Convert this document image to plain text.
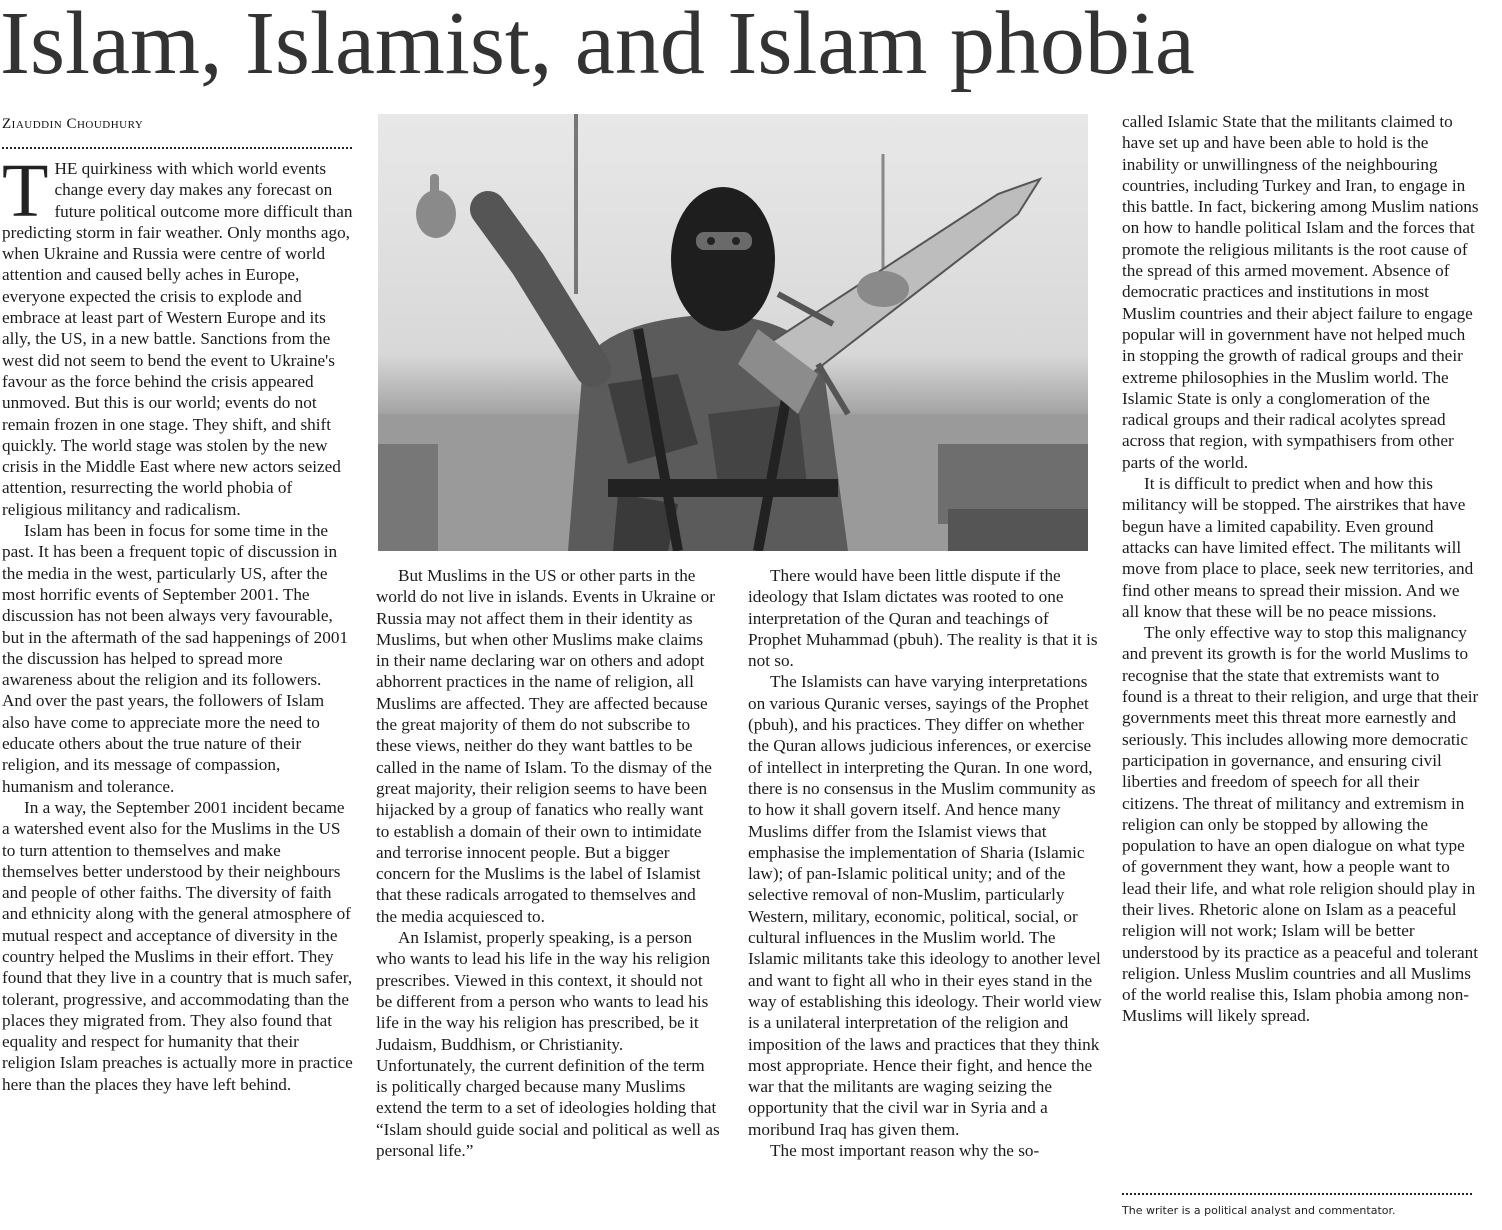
Islam, Islamist, and Islam phobia
Ziauddin Choudhury

THE quirkiness with which world events change every day makes any forecast on future political outcome more difficult than predicting storm in fair weather. Only months ago, when Ukraine and Russia were centre of world attention and caused belly aches in Europe, everyone expected the crisis to explode and embrace at least part of Western Europe and its ally, the US, in a new battle. Sanctions from the west did not seem to bend the event to Ukraine's favour as the force behind the crisis appeared unmoved. But this is our world; events do not remain frozen in one stage. They shift, and shift quickly. The world stage was stolen by the new crisis in the Middle East where new actors seized attention, resurrecting the world phobia of religious militancy and radicalism.

Islam has been in focus for some time in the past. It has been a frequent topic of discussion in the media in the west, particularly US, after the most horrific events of September 2001. The discussion has not been always very favourable, but in the aftermath of the sad happenings of 2001 the discussion has helped to spread more awareness about the religion and its followers. And over the past years, the followers of Islam also have come to appreciate more the need to educate others about the true nature of their religion, and its message of compassion, humanism and tolerance.

In a way, the September 2001 incident became a watershed event also for the Muslims in the US to turn attention to themselves and make themselves better understood by their neighbours and people of other faiths. The diversity of faith and ethnicity along with the general atmosphere of mutual respect and acceptance of diversity in the country helped the Muslims in their effort. They found that they live in a country that is much safer, tolerant, progressive, and accommodating than the places they migrated from. They also found that equality and respect for humanity that their religion Islam preaches is actually more in practice here than the places they have left behind.

But Muslims in the US or other parts in the world do not live in islands. Events in Ukraine or Russia may not affect them in their identity as Muslims, but when other Muslims make claims in their name declaring war on others and adopt abhorrent practices in the name of religion, all Muslims are affected. They are affected because the great majority of them do not subscribe to these views, neither do they want battles to be called in the name of Islam. To the dismay of the great majority, their religion seems to have been hijacked by a group of fanatics who really want to establish a domain of their own to intimidate and terrorise innocent people. But a bigger concern for the Muslims is the label of Islamist that these radicals arrogated to themselves and the media acquiesced to.

An Islamist, properly speaking, is a person who wants to lead his life in the way his religion prescribes. Viewed in this context, it should not be different from a person who wants to lead his life in the way his religion has prescribed, be it Judaism, Buddhism, or Christianity. Unfortunately, the current definition of the term is politically charged because many Muslims extend the term to a set of ideologies holding that “Islam should guide social and political as well as personal life.”

There would have been little dispute if the ideology that Islam dictates was rooted to one interpretation of the Quran and teachings of Prophet Muhammad (pbuh). The reality is that it is not so.

The Islamists can have varying interpretations on various Quranic verses, sayings of the Prophet (pbuh), and his practices. They differ on whether the Quran allows judicious inferences, or exercise of intellect in interpreting the Quran. In one word, there is no consensus in the Muslim community as to how it shall govern itself. And hence many Muslims differ from the Islamist views that emphasise the implementation of Sharia (Islamic law); of pan-Islamic political unity; and of the selective removal of non-Muslim, particularly Western, military, economic, political, social, or cultural influences in the Muslim world. The Islamic militants take this ideology to another level and want to fight all who in their eyes stand in the way of establishing this ideology. Their world view is a unilateral interpretation of the religion and imposition of the laws and practices that they think most appropriate. Hence their fight, and hence the war that the militants are waging seizing the opportunity that the civil war in Syria and a moribund Iraq has given them.

The most important reason why the so-

called Islamic State that the militants claimed to have set up and have been able to hold is the inability or unwillingness of the neighbouring countries, including Turkey and Iran, to engage in this battle. In fact, bickering among Muslim nations on how to handle political Islam and the forces that promote the religious militants is the root cause of the spread of this armed movement. Absence of democratic practices and institutions in most Muslim countries and their abject failure to engage popular will in government have not helped much in stopping the growth of radical groups and their extreme philosophies in the Muslim world. The Islamic State is only a conglomeration of the radical groups and their radical acolytes spread across that region, with sympathisers from other parts of the world.

It is difficult to predict when and how this militancy will be stopped. The airstrikes that have begun have a limited capability. Even ground attacks can have limited effect. The militants will move from place to place, seek new territories, and find other means to spread their mission. And we all know that these will be no peace missions.

The only effective way to stop this malignancy and prevent its growth is for the world Muslims to recognise that the state that extremists want to found is a threat to their religion, and urge that their governments meet this threat more earnestly and seriously. This includes allowing more democratic participation in governance, and ensuring civil liberties and freedom of speech for all their citizens. The threat of militancy and extremism in religion can only be stopped by allowing the population to have an open dialogue on what type of government they want, how a people want to lead their life, and what role religion should play in their lives. Rhetoric alone on Islam as a peaceful religion will not work; Islam will be better understood by its practice as a peaceful and tolerant religion. Unless Muslim countries and all Muslims of the world realise this, Islam phobia among non-Muslims will likely spread.

The writer is a political analyst and commentator.
